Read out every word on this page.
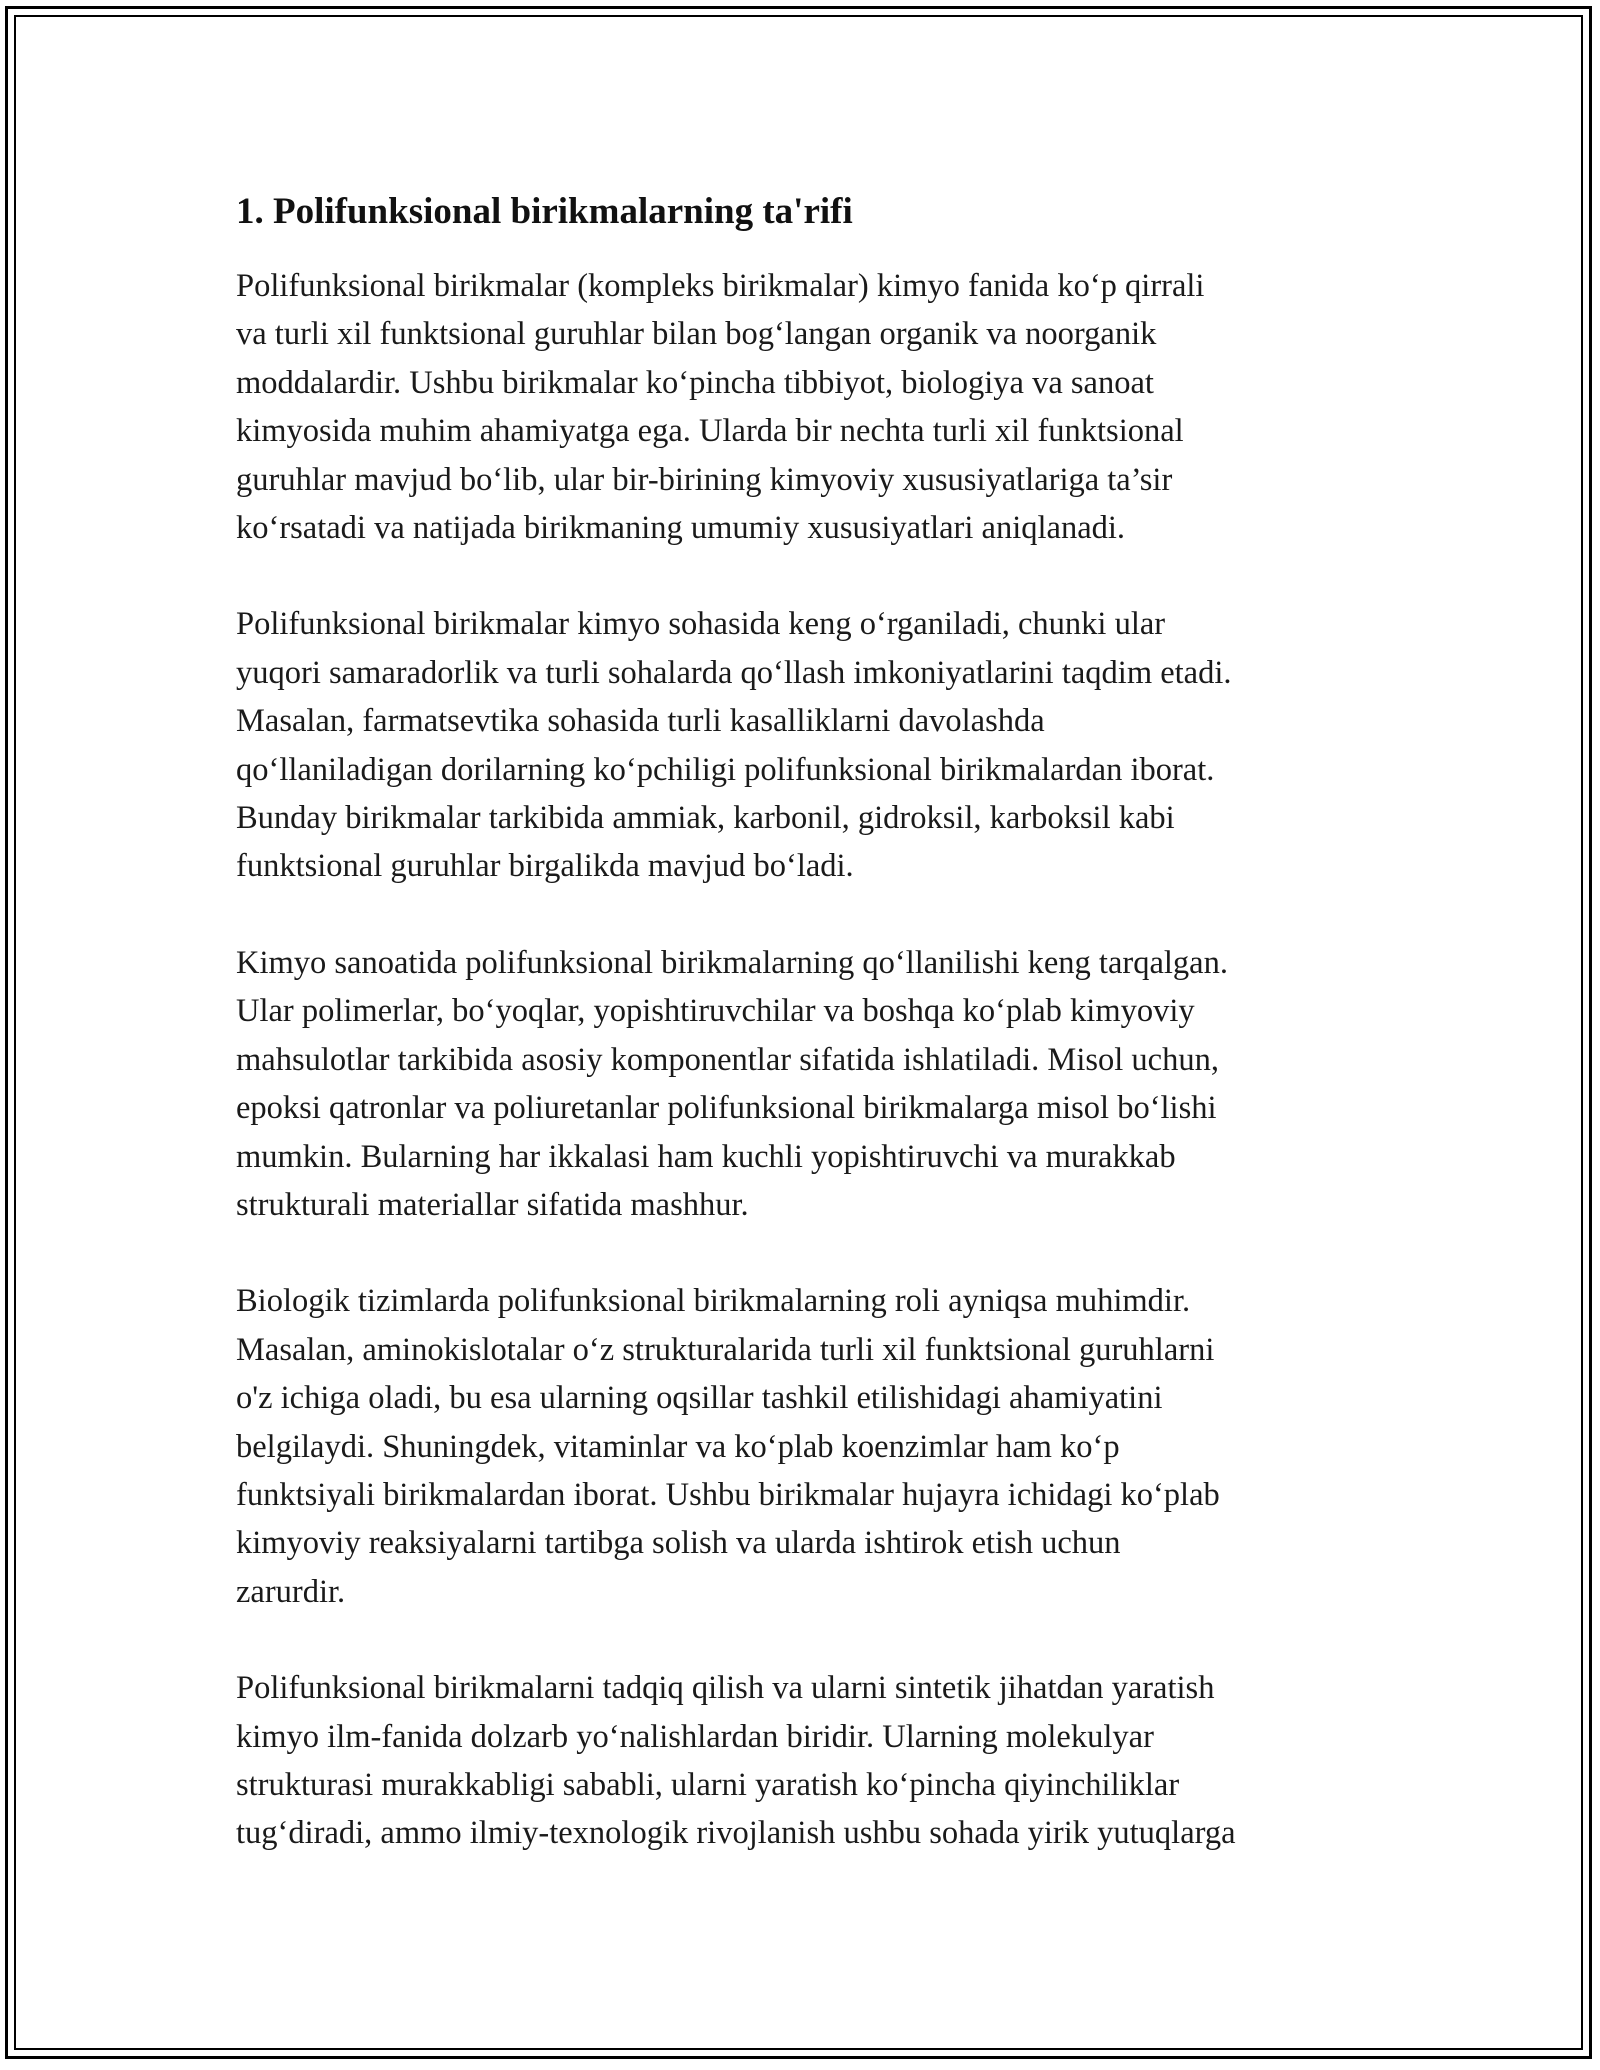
1. Polifunksional birikmalarning ta'rifi
Polifunksional birikmalar (kompleks birikmalar) kimyo fanida ko‘p qirrali
va turli xil funktsional guruhlar bilan bog‘langan organik va noorganik
moddalardir. Ushbu birikmalar ko‘pincha tibbiyot, biologiya va sanoat
kimyosida muhim ahamiyatga ega. Ularda bir nechta turli xil funktsional
guruhlar mavjud bo‘lib, ular bir-birining kimyoviy xususiyatlariga ta’sir
ko‘rsatadi va natijada birikmaning umumiy xususiyatlari aniqlanadi.
Polifunksional birikmalar kimyo sohasida keng o‘rganiladi, chunki ular
yuqori samaradorlik va turli sohalarda qo‘llash imkoniyatlarini taqdim etadi.
Masalan, farmatsevtika sohasida turli kasalliklarni davolashda
qo‘llaniladigan dorilarning ko‘pchiligi polifunksional birikmalardan iborat.
Bunday birikmalar tarkibida ammiak, karbonil, gidroksil, karboksil kabi
funktsional guruhlar birgalikda mavjud bo‘ladi.
Kimyo sanoatida polifunksional birikmalarning qo‘llanilishi keng tarqalgan.
Ular polimerlar, bo‘yoqlar, yopishtiruvchilar va boshqa ko‘plab kimyoviy
mahsulotlar tarkibida asosiy komponentlar sifatida ishlatiladi. Misol uchun,
epoksi qatronlar va poliuretanlar polifunksional birikmalarga misol bo‘lishi
mumkin. Bularning har ikkalasi ham kuchli yopishtiruvchi va murakkab
strukturali materiallar sifatida mashhur.
Biologik tizimlarda polifunksional birikmalarning roli ayniqsa muhimdir.
Masalan, aminokislotalar o‘z strukturalarida turli xil funktsional guruhlarni
o'z ichiga oladi, bu esa ularning oqsillar tashkil etilishidagi ahamiyatini
belgilaydi. Shuningdek, vitaminlar va ko‘plab koenzimlar ham ko‘p
funktsiyali birikmalardan iborat. Ushbu birikmalar hujayra ichidagi ko‘plab
kimyoviy reaksiyalarni tartibga solish va ularda ishtirok etish uchun
zarurdir.
Polifunksional birikmalarni tadqiq qilish va ularni sintetik jihatdan yaratish
kimyo ilm-fanida dolzarb yo‘nalishlardan biridir. Ularning molekulyar
strukturasi murakkabligi sababli, ularni yaratish ko‘pincha qiyinchiliklar
tug‘diradi, ammo ilmiy-texnologik rivojlanish ushbu sohada yirik yutuqlarga
